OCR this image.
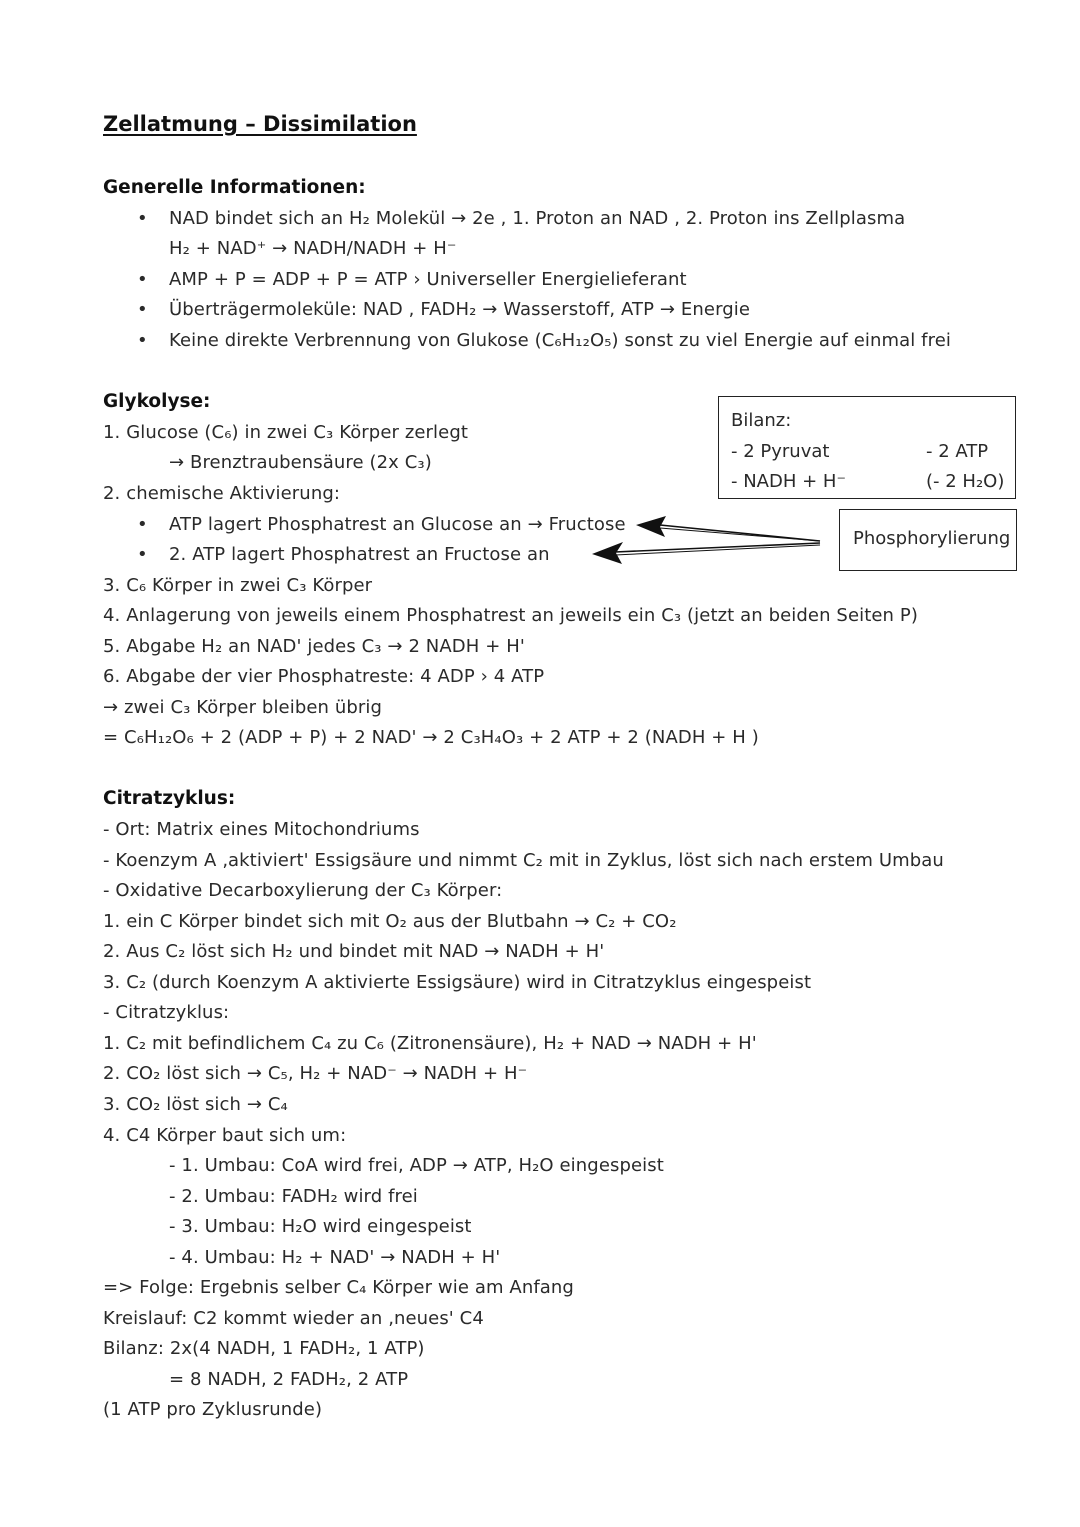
Zellatmung – Dissimilation
Generelle Informationen:
• NAD bindet sich an H₂ Molekül → 2e , 1. Proton an NAD , 2. Proton ins Zellplasma
H₂ + NAD⁺ → NADH/NADH + H⁻
• AMP + P = ADP + P = ATP › Universeller Energielieferant
• Überträgermoleküle: NAD , FADH₂ → Wasserstoff, ATP → Energie
• Keine direkte Verbrennung von Glukose (C₆H₁₂O₅) sonst zu viel Energie auf einmal frei
Glykolyse:
1. Glucose (C₆) in zwei C₃ Körper zerlegt
→ Brenztraubensäure (2x C₃)
2. chemische Aktivierung:
• ATP lagert Phosphatrest an Glucose an → Fructose
• 2. ATP lagert Phosphatrest an Fructose an
3. C₆ Körper in zwei C₃ Körper
4. Anlagerung von jeweils einem Phosphatrest an jeweils ein C₃ (jetzt an beiden Seiten P)
5. Abgabe H₂ an NAD' jedes C₃ → 2 NADH + H'
6. Abgabe der vier Phosphatreste: 4 ADP › 4 ATP
→ zwei C₃ Körper bleiben übrig
= C₆H₁₂O₆ + 2 (ADP + P) + 2 NAD' → 2 C₃H₄O₃ + 2 ATP + 2 (NADH + H )
Bilanz:
- 2 Pyruvat
- NADH + H⁻
- 2 ATP
(- 2 H₂O)
Phosphorylierung
Citratzyklus:
- Ort: Matrix eines Mitochondriums
- Koenzym A ‚aktiviert' Essigsäure und nimmt C₂ mit in Zyklus, löst sich nach erstem Umbau
- Oxidative Decarboxylierung der C₃ Körper:
1. ein C Körper bindet sich mit O₂ aus der Blutbahn → C₂ + CO₂
2. Aus C₂ löst sich H₂ und bindet mit NAD → NADH + H'
3. C₂ (durch Koenzym A aktivierte Essigsäure) wird in Citratzyklus eingespeist
- Citratzyklus:
1. C₂ mit befindlichem C₄ zu C₆ (Zitronensäure), H₂ + NAD → NADH + H'
2. CO₂ löst sich → C₅, H₂ + NAD⁻ → NADH + H⁻
3. CO₂ löst sich → C₄
4. C4 Körper baut sich um:
- 1. Umbau: CoA wird frei, ADP → ATP, H₂O eingespeist
- 2. Umbau: FADH₂ wird frei
- 3. Umbau: H₂O wird eingespeist
- 4. Umbau: H₂ + NAD' → NADH + H'
=> Folge: Ergebnis selber C₄ Körper wie am Anfang
Kreislauf: C2 kommt wieder an ‚neues' C4
Bilanz: 2x(4 NADH, 1 FADH₂, 1 ATP)
= 8 NADH, 2 FADH₂, 2 ATP
(1 ATP pro Zyklusrunde)
